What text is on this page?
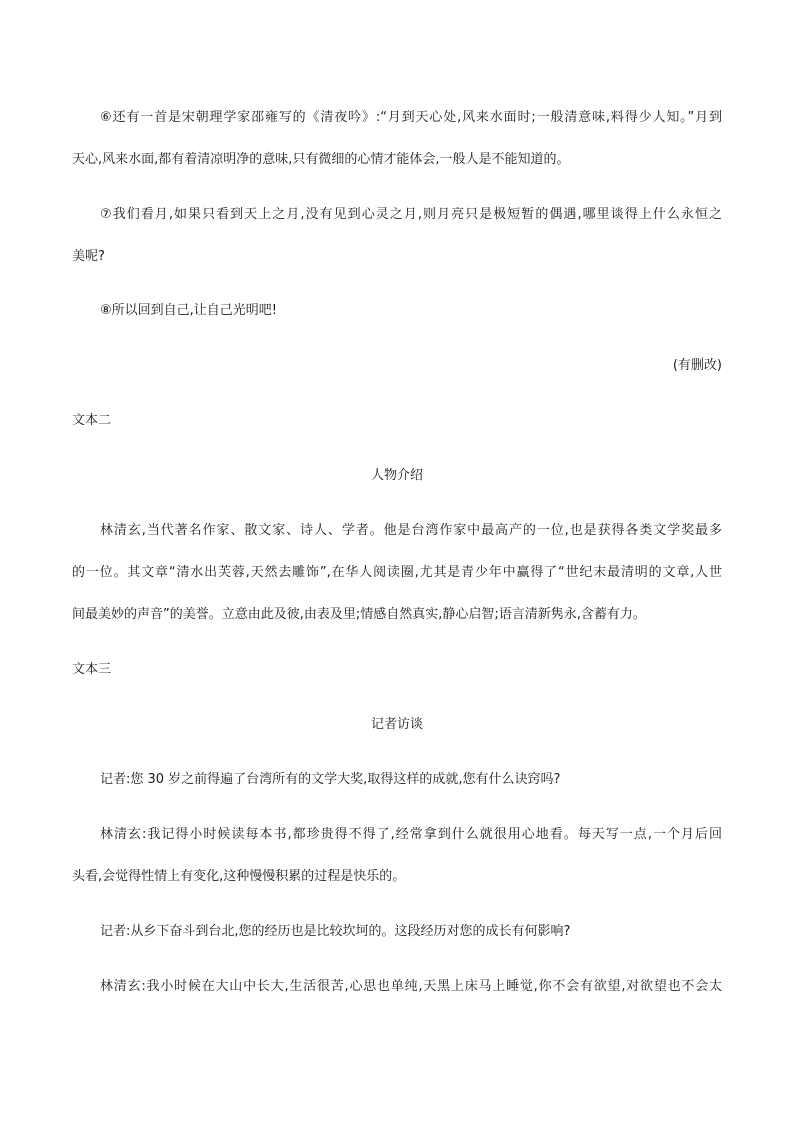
⑥还有一首是宋朝理学家邵雍写的《清夜吟》:“月到天心处,风来水面时;一般清意味,料得少人知。”月到
天心,风来水面,都有着清凉明净的意味,只有微细的心情才能体会,一般人是不能知道的。
⑦我们看月,如果只看到天上之月,没有见到心灵之月,则月亮只是极短暂的偶遇,哪里谈得上什么永恒之
美呢?
⑧所以回到自己,让自己光明吧!
(有删改)
文本二
人物介绍
林清玄,当代著名作家、散文家、诗人、学者。他是台湾作家中最高产的一位,也是获得各类文学奖最多
的一位。其文章“清水出芙蓉,天然去雕饰”,在华人阅读圈,尤其是青少年中赢得了“世纪末最清明的文章,人世
间最美妙的声音”的美誉。立意由此及彼,由表及里;情感自然真实,静心启智;语言清新隽永,含蓄有力。
文本三
记者访谈
记者:您 30 岁之前得遍了台湾所有的文学大奖,取得这样的成就,您有什么诀窍吗?
林清玄:我记得小时候读每本书,都珍贵得不得了,经常拿到什么就很用心地看。每天写一点,一个月后回
头看,会觉得性情上有变化,这种慢慢积累的过程是快乐的。
记者:从乡下奋斗到台北,您的经历也是比较坎坷的。这段经历对您的成长有何影响?
林清玄:我小时候在大山中长大,生活很苦,心思也单纯,天黑上床马上睡觉,你不会有欲望,对欲望也不会太
